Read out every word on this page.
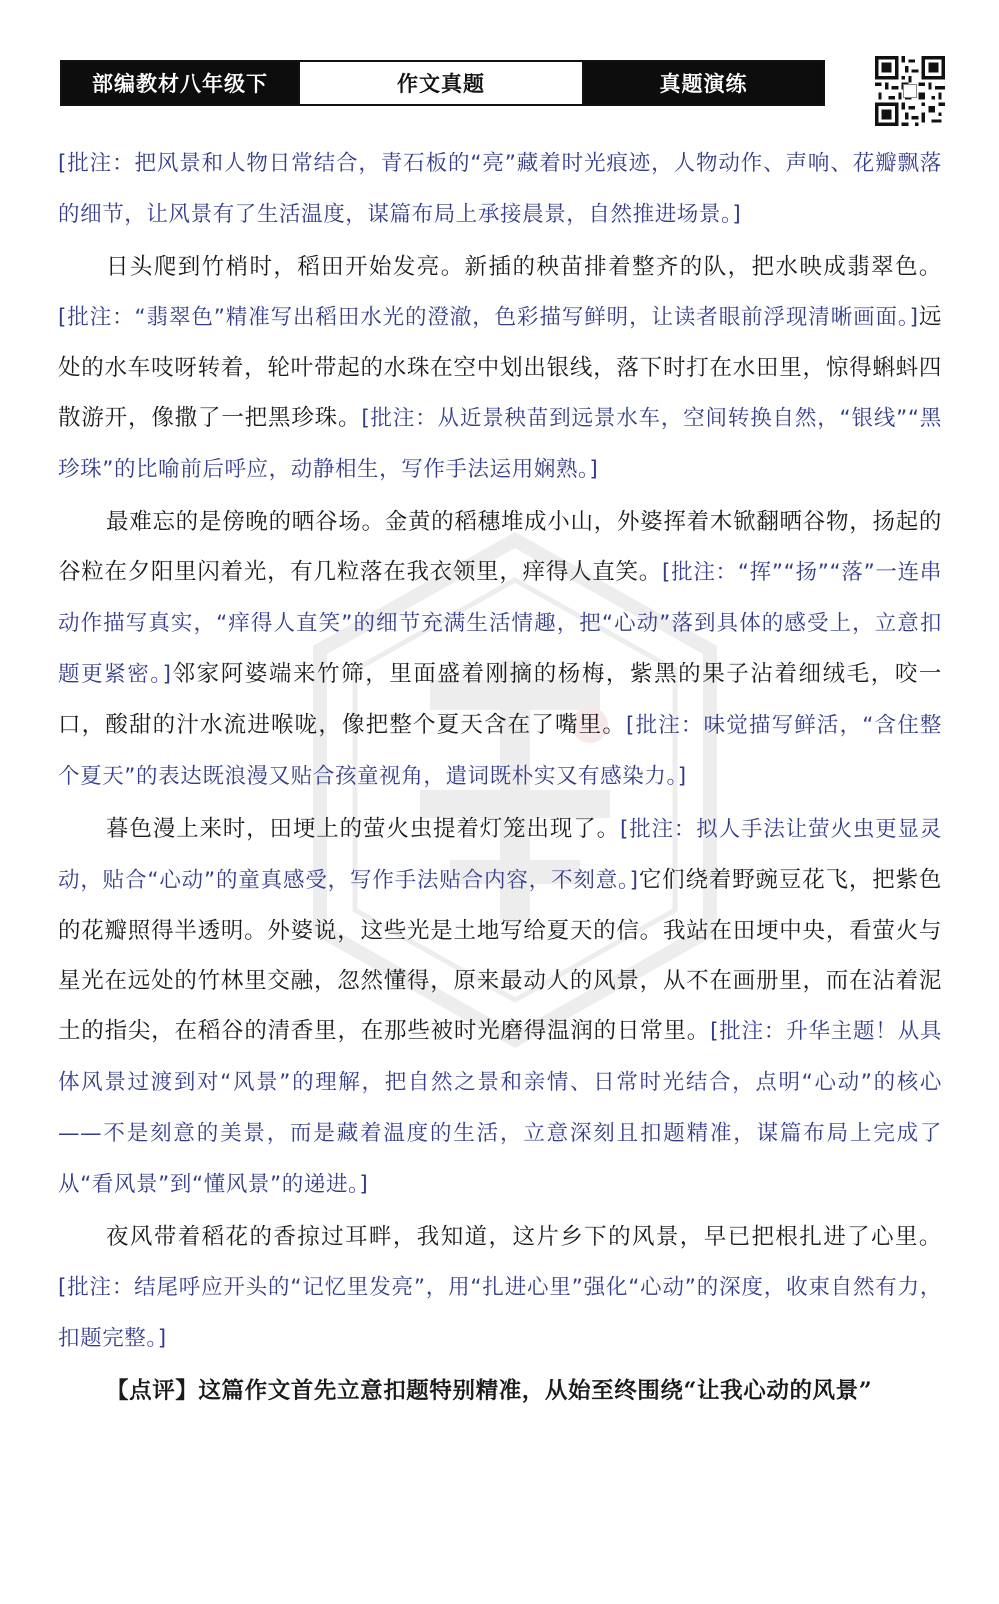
部编教材八年级下	作文真题	真题演练

[批注：把风景和人物日常结合，青石板的“亮”藏着时光痕迹，人物动作、声响、花瓣飘落的细节，让风景有了生活温度，谋篇布局上承接晨景，自然推进场景。]

日头爬到竹梢时，稻田开始发亮。新插的秧苗排着整齐的队，把水映成翡翠色。[批注：“翡翠色”精准写出稻田水光的澄澈，色彩描写鲜明，让读者眼前浮现清晰画面。]远处的水车吱呀转着，轮叶带起的水珠在空中划出银线，落下时打在水田里，惊得蝌蚪四散游开，像撒了一把黑珍珠。[批注：从近景秧苗到远景水车，空间转换自然，“银线”“黑珍珠”的比喻前后呼应，动静相生，写作手法运用娴熟。]

最难忘的是傍晚的晒谷场。金黄的稻穗堆成小山，外婆挥着木锨翻晒谷物，扬起的谷粒在夕阳里闪着光，有几粒落在我衣领里，痒得人直笑。[批注：“挥”“扬”“落”一连串动作描写真实，“痒得人直笑”的细节充满生活情趣，把“心动”落到具体的感受上，立意扣题更紧密。]邻家阿婆端来竹筛，里面盛着刚摘的杨梅，紫黑的果子沾着细绒毛，咬一口，酸甜的汁水流进喉咙，像把整个夏天含在了嘴里。[批注：味觉描写鲜活，“含住整个夏天”的表达既浪漫又贴合孩童视角，遣词既朴实又有感染力。]

暮色漫上来时，田埂上的萤火虫提着灯笼出现了。[批注：拟人手法让萤火虫更显灵动，贴合“心动”的童真感受，写作手法贴合内容，不刻意。]它们绕着野豌豆花飞，把紫色的花瓣照得半透明。外婆说，这些光是土地写给夏天的信。我站在田埂中央，看萤火与星光在远处的竹林里交融，忽然懂得，原来最动人的风景，从不在画册里，而在沾着泥土的指尖，在稻谷的清香里，在那些被时光磨得温润的日常里。[批注：升华主题！从具体风景过渡到对“风景”的理解，把自然之景和亲情、日常时光结合，点明“心动”的核心——不是刻意的美景，而是藏着温度的生活，立意深刻且扣题精准，谋篇布局上完成了从“看风景”到“懂风景”的递进。]

夜风带着稻花的香掠过耳畔，我知道，这片乡下的风景，早已把根扎进了心里。[批注：结尾呼应开头的“记忆里发亮”，用“扎进心里”强化“心动”的深度，收束自然有力，扣题完整。]

【点评】这篇作文首先立意扣题特别精准，从始至终围绕“让我心动的风景”
